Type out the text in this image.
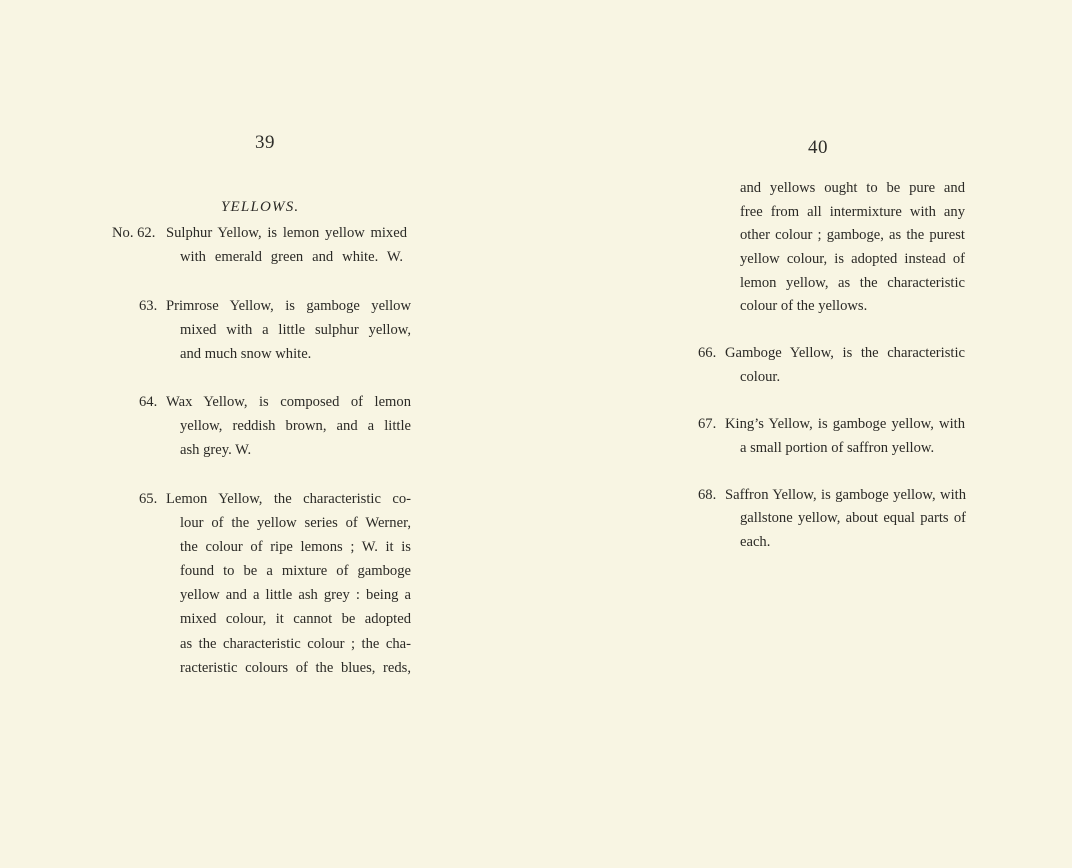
39
YELLOWS.
No. 62. Sulphur Yellow, is lemon yellow mixed
with emerald green and white. W.
63. Primrose Yellow, is gamboge yellow
mixed with a little sulphur yellow,
and much snow white.
64. Wax Yellow, is composed of lemon
yellow, reddish brown, and a little
ash grey. W.
65. Lemon Yellow, the characteristic co-
lour of the yellow series of Werner,
the colour of ripe lemons ; W. it is
found to be a mixture of gamboge
yellow and a little ash grey : being a
mixed colour, it cannot be adopted
as the characteristic colour ; the cha-
racteristic colours of the blues, reds,
40
and yellows ought to be pure and
free from all intermixture with any
other colour ; gamboge, as the purest
yellow colour, is adopted instead of
lemon yellow, as the characteristic
colour of the yellows.
66. Gamboge Yellow, is the characteristic
colour.
67. King’s Yellow, is gamboge yellow, with
a small portion of saffron yellow.
68. Saffron Yellow, is gamboge yellow, with
gallstone yellow, about equal parts of
each.
